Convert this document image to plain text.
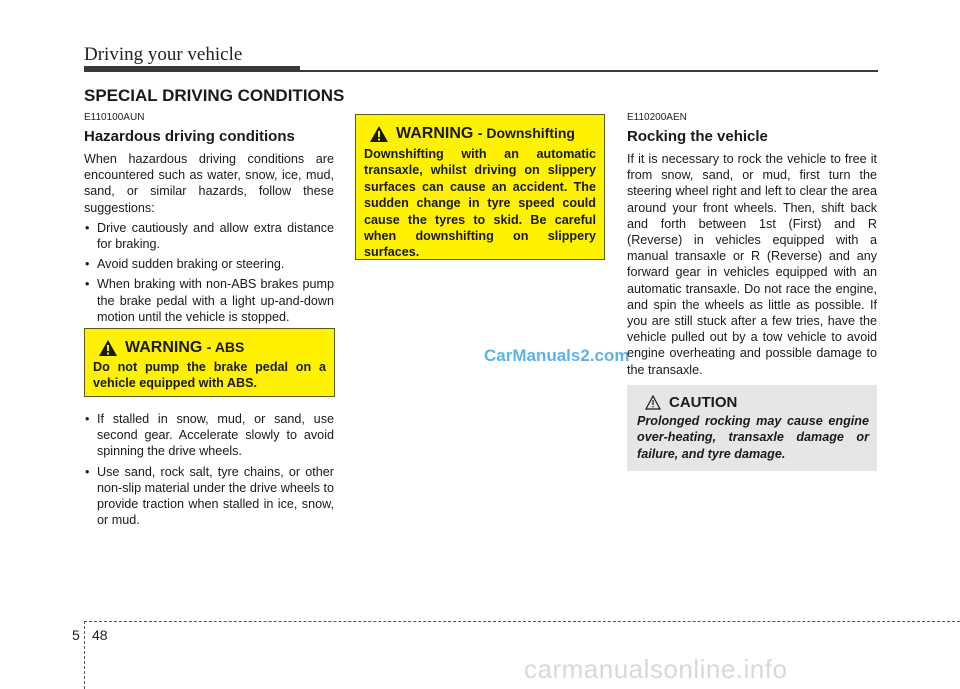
Driving your vehicle
SPECIAL DRIVING CONDITIONS
E110100AUN
Hazardous driving conditions
When hazardous driving conditions are encountered such as water, snow, ice, mud, sand, or similar hazards, follow these suggestions:
• Drive cautiously and allow extra distance for braking.
• Avoid sudden braking or steering.
• When braking with non-ABS brakes pump the brake pedal with a light up-and-down motion until the vehicle is stopped.
WARNING - ABS
Do not pump the brake pedal on a vehicle equipped with ABS.
• If stalled in snow, mud, or sand, use second gear. Accelerate slowly to avoid spinning the drive wheels.
• Use sand, rock salt, tyre chains, or other non-slip material under the drive wheels to provide traction when stalled in ice, snow, or mud.
WARNING - Downshifting
Downshifting with an automatic transaxle, whilst driving on slippery surfaces can cause an accident. The sudden change in tyre speed could cause the tyres to skid. Be careful when downshifting on slippery surfaces.
CarManuals2.com
E110200AEN
Rocking the vehicle
If it is necessary to rock the vehicle to free it from snow, sand, or mud, first turn the steering wheel right and left to clear the area around your front wheels. Then, shift back and forth between 1st (First) and R (Reverse) in vehicles equipped with a manual transaxle or R (Reverse) and any forward gear in vehicles equipped with an automatic transaxle. Do not race the engine, and spin the wheels as little as possible. If you are still stuck after a few tries, have the vehicle pulled out by a tow vehicle to avoid engine overheating and possible damage to the transaxle.
CAUTION
Prolonged rocking may cause engine over-heating, transaxle damage or failure, and tyre damage.
5 48
carmanualsonline.info
